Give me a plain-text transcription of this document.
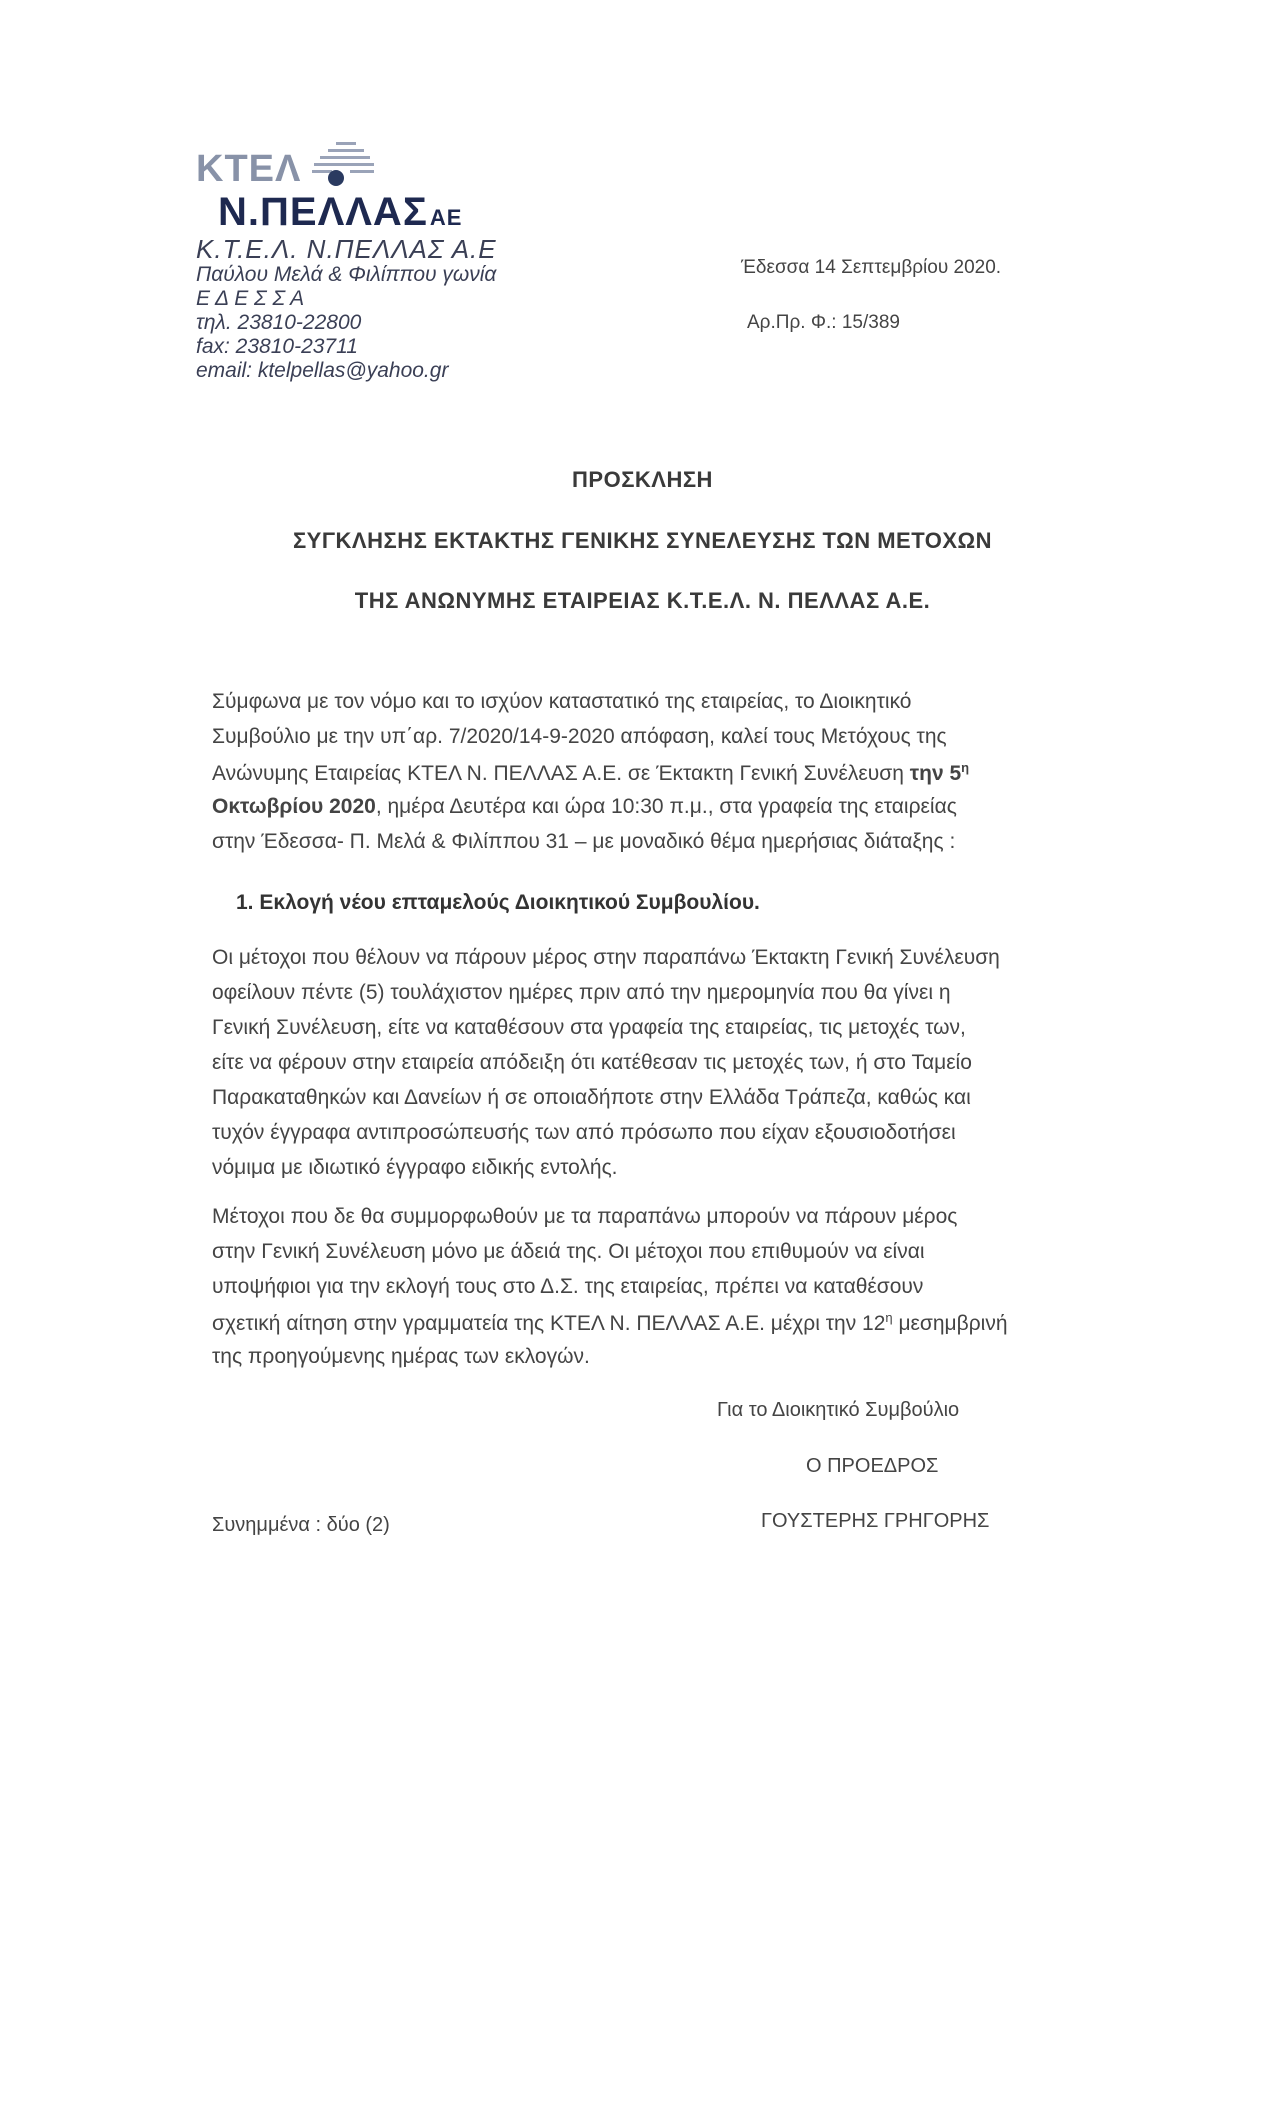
ΚΤΕΛ
Ν.ΠΕΛΛΑΣΑΕ
Κ.Τ.Ε.Λ. Ν.ΠΕΛΛΑΣ Α.Ε
Παύλου Μελά & Φιλίππου γωνία
Ε Δ Ε Σ Σ Α
τηλ. 23810-22800
fax: 23810-23711
email: ktelpellas@yahoo.gr
Έδεσσα 14 Σεπτεμβρίου 2020.
Αρ.Πρ. Φ.: 15/389
ΠΡΟΣΚΛΗΣΗ
ΣΥΓΚΛΗΣΗΣ ΕΚΤΑΚΤΗΣ ΓΕΝΙΚΗΣ ΣΥΝΕΛΕΥΣΗΣ ΤΩΝ ΜΕΤΟΧΩΝ
ΤΗΣ ΑΝΩΝΥΜΗΣ ΕΤΑΙΡΕΙΑΣ Κ.Τ.Ε.Λ. Ν. ΠΕΛΛΑΣ Α.Ε.
Σύμφωνα με τον νόμο και το ισχύον καταστατικό της εταιρείας, το Διοικητικό
Συμβούλιο με την υπ΄αρ. 7/2020/14-9-2020 απόφαση, καλεί τους Μετόχους της
Ανώνυμης Εταιρείας ΚΤΕΛ Ν. ΠΕΛΛΑΣ Α.Ε. σε Έκτακτη Γενική Συνέλευση την $5^\eta$
Οκτωβρίου 2020, ημέρα Δευτέρα και ώρα 10:30 π.μ., στα γραφεία της εταιρείας
στην Έδεσσα- Π. Μελά & Φιλίππου 31 – με μοναδικό θέμα ημερήσιας διάταξης :
1. Εκλογή νέου επταμελούς Διοικητικού Συμβουλίου.
Οι μέτοχοι που θέλουν να πάρουν μέρος στην παραπάνω Έκτακτη Γενική Συνέλευση
οφείλουν πέντε (5) τουλάχιστον ημέρες πριν από την ημερομηνία που θα γίνει η
Γενική Συνέλευση, είτε να καταθέσουν στα γραφεία της εταιρείας, τις μετοχές των,
είτε να φέρουν στην εταιρεία απόδειξη ότι κατέθεσαν τις μετοχές των, ή στο Ταμείο
Παρακαταθηκών και Δανείων ή σε οποιαδήποτε στην Ελλάδα Τράπεζα, καθώς και
τυχόν έγγραφα αντιπροσώπευσής των από πρόσωπο που είχαν εξουσιοδοτήσει
νόμιμα με ιδιωτικό έγγραφο ειδικής εντολής.
Μέτοχοι που δε θα συμμορφωθούν με τα παραπάνω μπορούν να πάρουν μέρος
στην Γενική Συνέλευση μόνο με άδειά της. Οι μέτοχοι που επιθυμούν να είναι
υποψήφιοι για την εκλογή τους στο Δ.Σ. της εταιρείας, πρέπει να καταθέσουν
σχετική αίτηση στην γραμματεία της ΚΤΕΛ Ν. ΠΕΛΛΑΣ Α.Ε. μέχρι την $12^\eta$ μεσημβρινή
της προηγούμενης ημέρας των εκλογών.
Για το Διοικητικό Συμβούλιο
Ο ΠΡΟΕΔΡΟΣ
ΓΟΥΣΤΕΡΗΣ ΓΡΗΓΟΡΗΣ
Συνημμένα : δύο (2)
